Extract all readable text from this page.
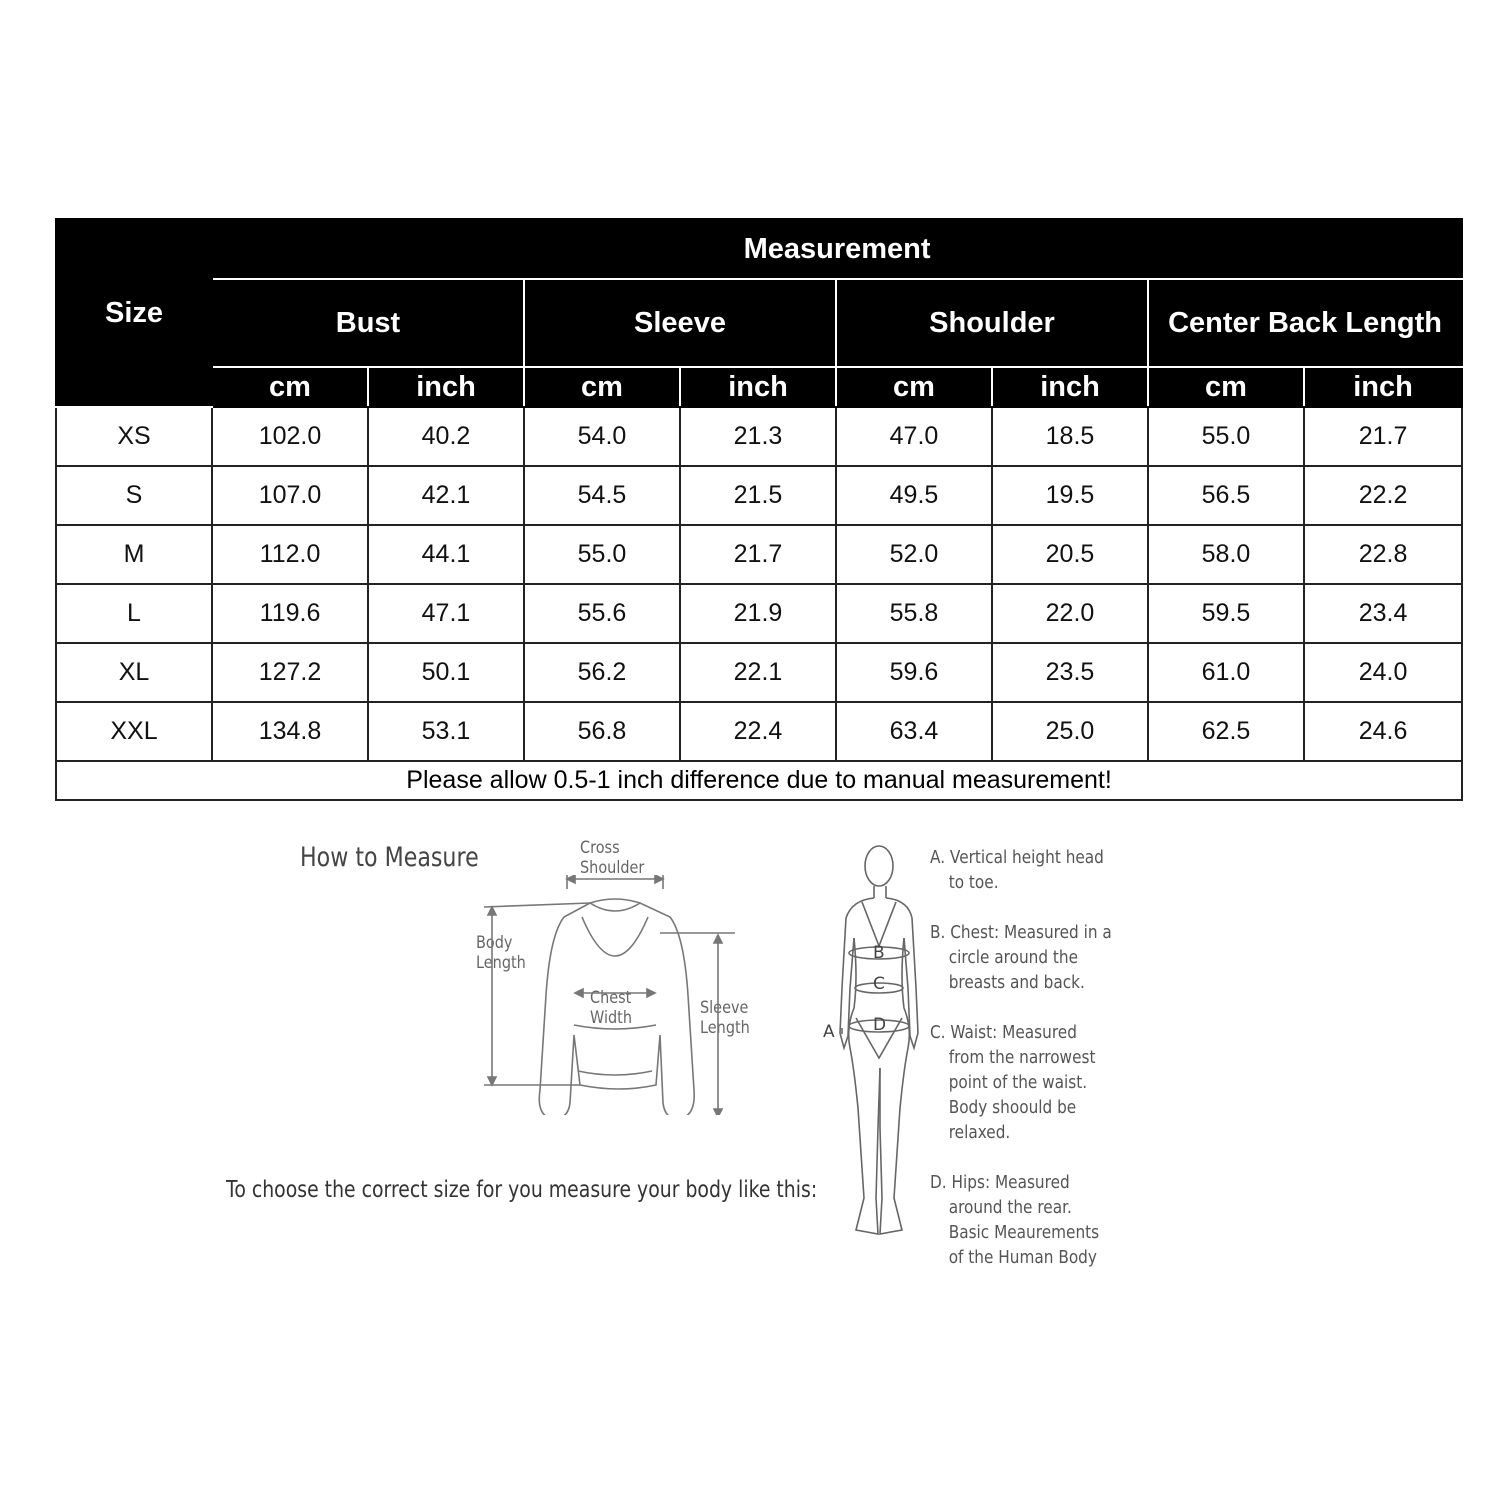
Size	Measurement							
	Bust		Sleeve		Shoulder		Center Back Length	
	cm	inch	cm	inch	cm	inch	cm	inch
XS	102.0	40.2	54.0	21.3	47.0	18.5	55.0	21.7
S	107.0	42.1	54.5	21.5	49.5	19.5	56.5	22.2
M	112.0	44.1	55.0	21.7	52.0	20.5	58.0	22.8
L	119.6	47.1	55.6	21.9	55.8	22.0	59.5	23.4
XL	127.2	50.1	56.2	22.1	59.6	23.5	61.0	24.0
XXL	134.8	53.1	56.8	22.4	63.4	25.0	62.5	24.6
Please allow 0.5-1 inch difference due to manual measurement!								
How to Measure	Cross Shoulder
Body Length
Chest Width	Sleeve Length	A
B
C
D
A. Vertical height head
to toe.
B. Chest: Measured in a
circle around the
breasts and back.
C. Waist: Measured
from the narrowest
point of the waist.
Body shoould be
relaxed.
D. Hips: Measured
around the rear.
Basic Meaurements
of the Human Body
To choose the correct size for you measure your body like this:
